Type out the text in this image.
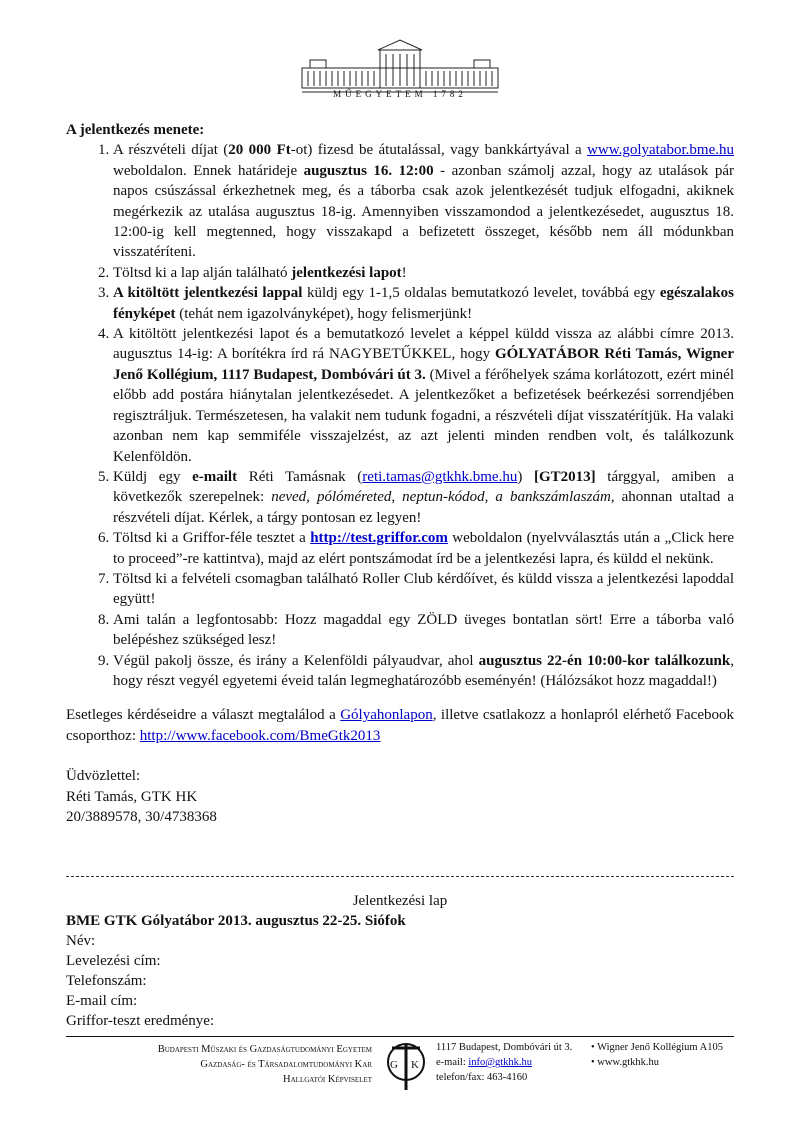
MŰEGYETEM 1782

A jelentkezés menete:

1. A részvételi díjat (20 000 Ft-ot) fizesd be átutalással, vagy bankkártyával a www.golyatabor.bme.hu weboldalon. Ennek határideje augusztus 16. 12:00 - azonban számolj azzal, hogy az utalások pár napos csúszással érkezhetnek meg, és a táborba csak azok jelentkezését tudjuk elfogadni, akiknek megérkezik az utalása augusztus 18-ig. Amennyiben visszamondod a jelentkezésedet, augusztus 18. 12:00-ig kell megtenned, hogy visszakapd a befizetett összeget, később nem áll módunkban visszatéríteni.
2. Töltsd ki a lap alján található jelentkezési lapot!
3. A kitöltött jelentkezési lappal küldj egy 1-1,5 oldalas bemutatkozó levelet, továbbá egy egészalakos fényképet (tehát nem igazolványképet), hogy felismerjünk!
4. A kitöltött jelentkezési lapot és a bemutatkozó levelet a képpel küldd vissza az alábbi címre 2013. augusztus 14-ig: A borítékra írd rá NAGYBETŰKKEL, hogy GÓLYATÁBOR Réti Tamás, Wigner Jenő Kollégium, 1117 Budapest, Dombóvári út 3. (Mivel a férőhelyek száma korlátozott, ezért minél előbb add postára hiánytalan jelentkezésedet. A jelentkezőket a befizetések beérkezési sorrendjében regisztráljuk. Természetesen, ha valakit nem tudunk fogadni, a részvételi díjat visszatérítjük. Ha valaki azonban nem kap semmiféle visszajelzést, az azt jelenti minden rendben volt, és találkozunk Kelenföldön.
5. Küldj egy e-mailt Réti Tamásnak (reti.tamas@gtkhk.bme.hu) [GT2013] tárggyal, amiben a következők szerepelnek: neved, pólóméreted, neptun-kódod, a bankszámlaszám, ahonnan utaltad a részvételi díjat. Kérlek, a tárgy pontosan ez legyen!
6. Töltsd ki a Griffor-féle tesztet a http://test.griffor.com weboldalon (nyelvválasztás után a „Click here to proceed”-re kattintva), majd az elért pontszámodat írd be a jelentkezési lapra, és küldd el nekünk.
7. Töltsd ki a felvételi csomagban található Roller Club kérdőívet, és küldd vissza a jelentkezési lapoddal együtt!
8. Ami talán a legfontosabb: Hozz magaddal egy ZÖLD üveges bontatlan sört! Erre a táborba való belépéshez szükséged lesz!
9. Végül pakolj össze, és irány a Kelenföldi pályaudvar, ahol augusztus 22-én 10:00-kor találkozunk, hogy részt vegyél egyetemi éveid talán legmeghatározóbb eseményén! (Hálózsákot hozz magaddal!)
Esetleges kérdéseidre a választ megtalálod a Gólyahonlapon, illetve csatlakozz a honlapról elérhető Facebook csoporthoz: http://www.facebook.com/BmeGtk2013
Üdvözlettel:
Réti Tamás, GTK HK
20/3889578, 30/4738368
Jelentkezési lap
BME GTK Gólyatábor 2013. augusztus 22-25. Siófok
Név:
Levelezési cím:
Telefonszám:
E-mail cím:
Griffor-teszt eredménye:
Budapesti Műszaki és Gazdaságtudományi Egyetem
Gazdaság- és Társadalomtudományi Kar
Hallgatói Képviselet
G K
1117 Budapest, Dombóvári út 3.
e-mail: info@gtkhk.hu
telefon/fax: 463-4160
• Wigner Jenő Kollégium A105
• www.gtkhk.hu
